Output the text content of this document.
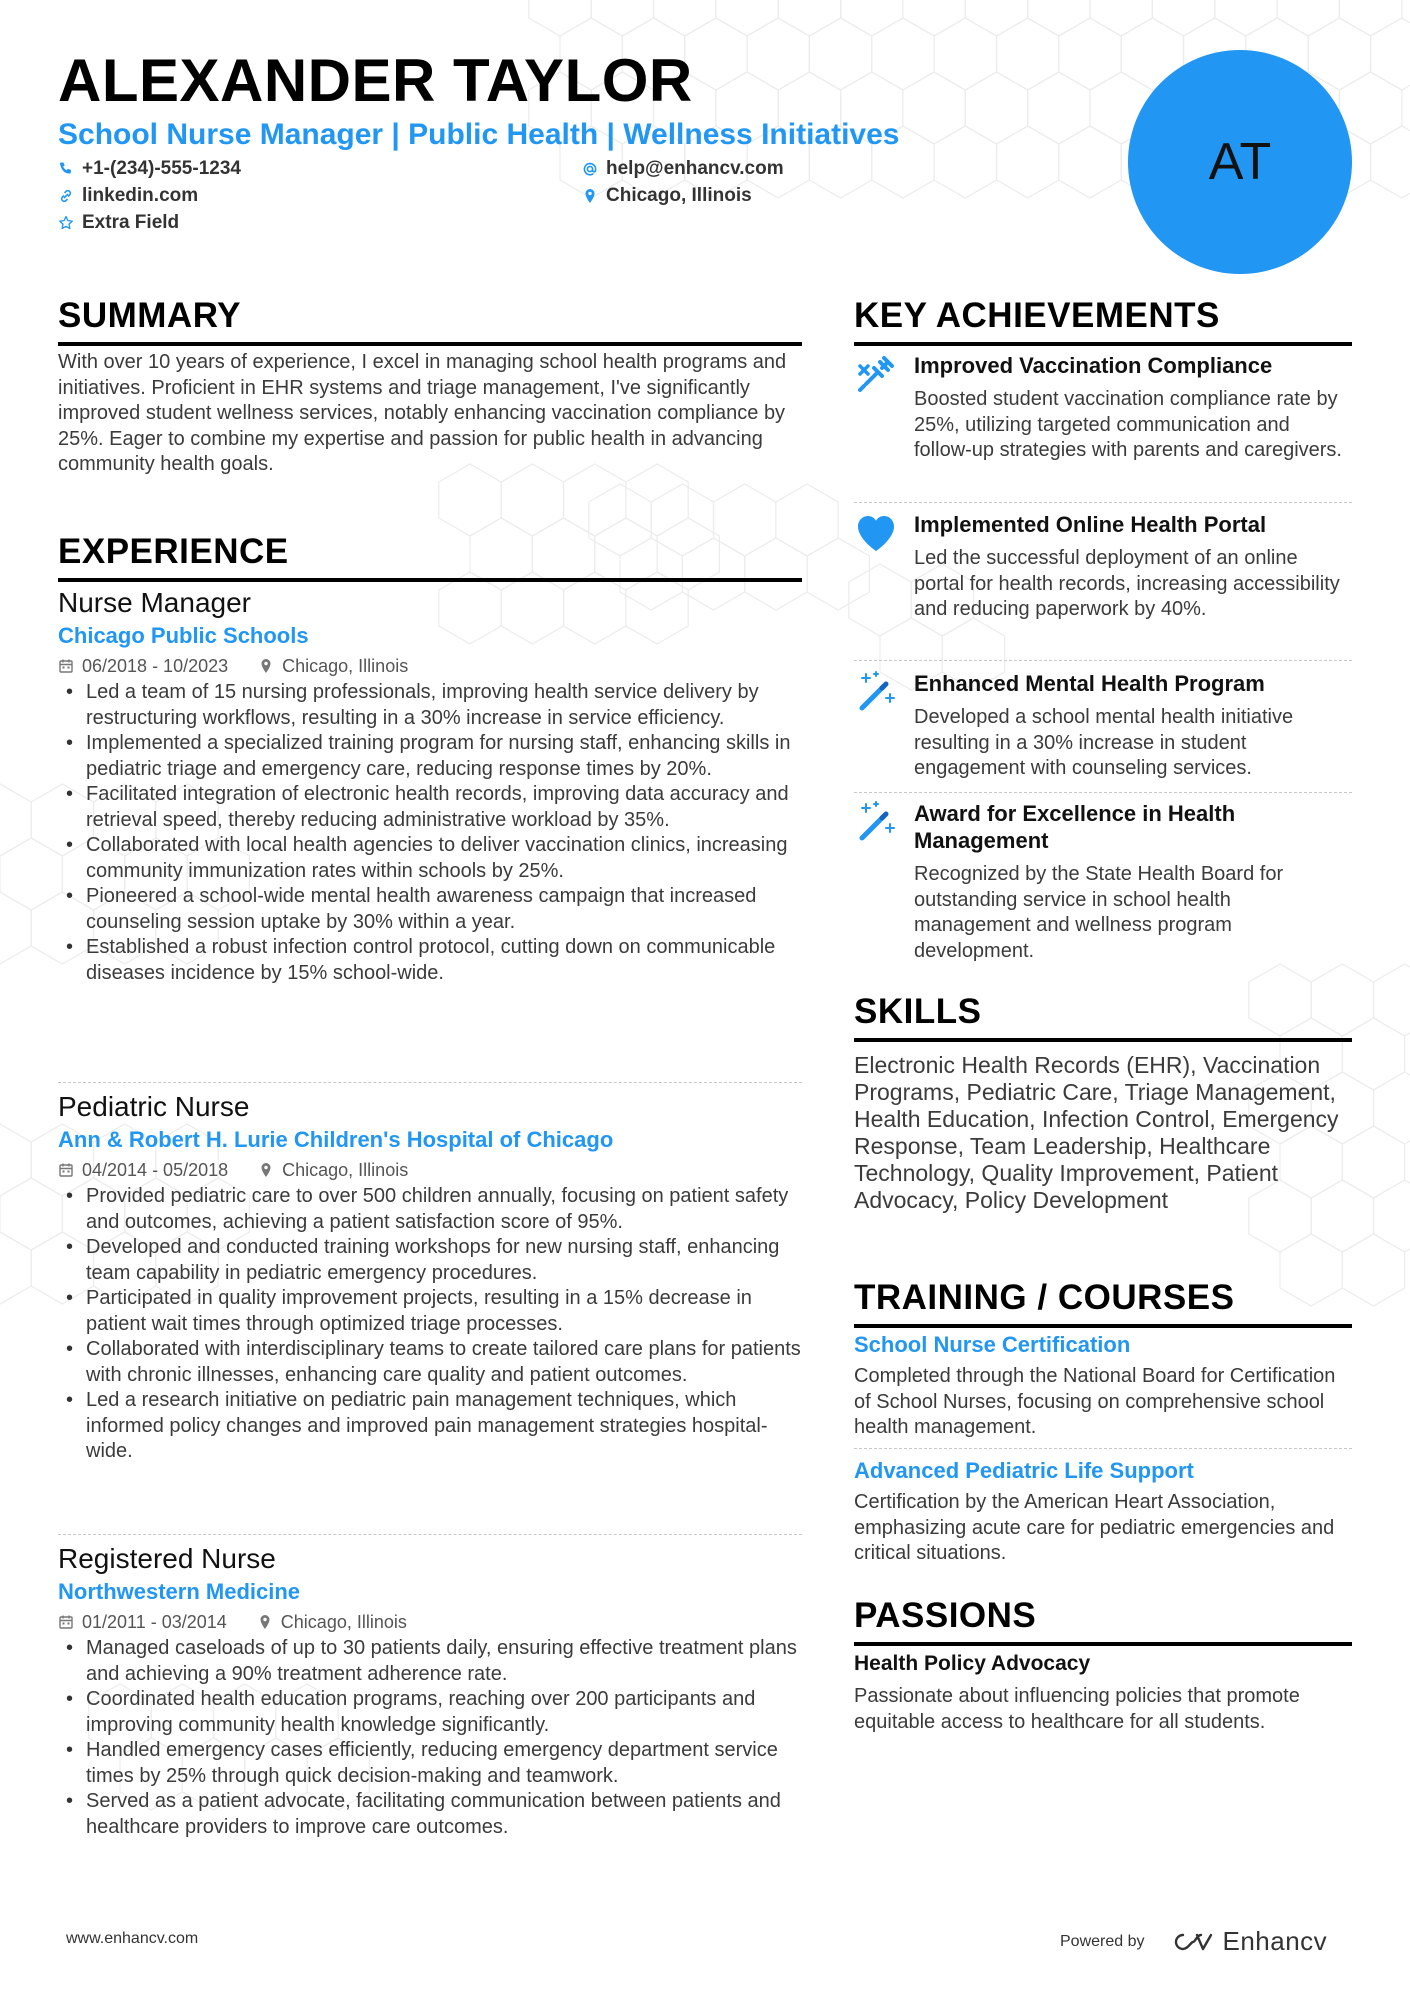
ALEXANDER TAYLOR
School Nurse Manager | Public Health | Wellness Initiatives
+1-(234)-555-1234	help@enhancv.com
linkedin.com	Chicago, Illinois
Extra Field
AT
SUMMARY
With over 10 years of experience, I excel in managing school health programs and initiatives. Proficient in EHR systems and triage management, I've significantly improved student wellness services, notably enhancing vaccination compliance by 25%. Eager to combine my expertise and passion for public health in advancing community health goals.
EXPERIENCE
Nurse Manager
Chicago Public Schools
06/2018 - 10/2023	Chicago, Illinois
• Led a team of 15 nursing professionals, improving health service delivery by restructuring workflows, resulting in a 30% increase in service efficiency.
• Implemented a specialized training program for nursing staff, enhancing skills in pediatric triage and emergency care, reducing response times by 20%.
• Facilitated integration of electronic health records, improving data accuracy and retrieval speed, thereby reducing administrative workload by 35%.
• Collaborated with local health agencies to deliver vaccination clinics, increasing community immunization rates within schools by 25%.
• Pioneered a school-wide mental health awareness campaign that increased counseling session uptake by 30% within a year.
• Established a robust infection control protocol, cutting down on communicable diseases incidence by 15% school-wide.
Pediatric Nurse
Ann & Robert H. Lurie Children's Hospital of Chicago
04/2014 - 05/2018	Chicago, Illinois
• Provided pediatric care to over 500 children annually, focusing on patient safety and outcomes, achieving a patient satisfaction score of 95%.
• Developed and conducted training workshops for new nursing staff, enhancing team capability in pediatric emergency procedures.
• Participated in quality improvement projects, resulting in a 15% decrease in patient wait times through optimized triage processes.
• Collaborated with interdisciplinary teams to create tailored care plans for patients with chronic illnesses, enhancing care quality and patient outcomes.
• Led a research initiative on pediatric pain management techniques, which informed policy changes and improved pain management strategies hospital-wide.
Registered Nurse
Northwestern Medicine
01/2011 - 03/2014	Chicago, Illinois
• Managed caseloads of up to 30 patients daily, ensuring effective treatment plans and achieving a 90% treatment adherence rate.
• Coordinated health education programs, reaching over 200 participants and improving community health knowledge significantly.
• Handled emergency cases efficiently, reducing emergency department service times by 25% through quick decision-making and teamwork.
• Served as a patient advocate, facilitating communication between patients and healthcare providers to improve care outcomes.
KEY ACHIEVEMENTS
Improved Vaccination Compliance
Boosted student vaccination compliance rate by 25%, utilizing targeted communication and follow-up strategies with parents and caregivers.
Implemented Online Health Portal
Led the successful deployment of an online portal for health records, increasing accessibility and reducing paperwork by 40%.
Enhanced Mental Health Program
Developed a school mental health initiative resulting in a 30% increase in student engagement with counseling services.
Award for Excellence in Health Management
Recognized by the State Health Board for outstanding service in school health management and wellness program development.
SKILLS
Electronic Health Records (EHR), Vaccination Programs, Pediatric Care, Triage Management, Health Education, Infection Control, Emergency Response, Team Leadership, Healthcare Technology, Quality Improvement, Patient Advocacy, Policy Development
TRAINING / COURSES
School Nurse Certification
Completed through the National Board for Certification of School Nurses, focusing on comprehensive school health management.
Advanced Pediatric Life Support
Certification by the American Heart Association, emphasizing acute care for pediatric emergencies and critical situations.
PASSIONS
Health Policy Advocacy
Passionate about influencing policies that promote equitable access to healthcare for all students.
www.enhancv.com	Powered by	Enhancv
